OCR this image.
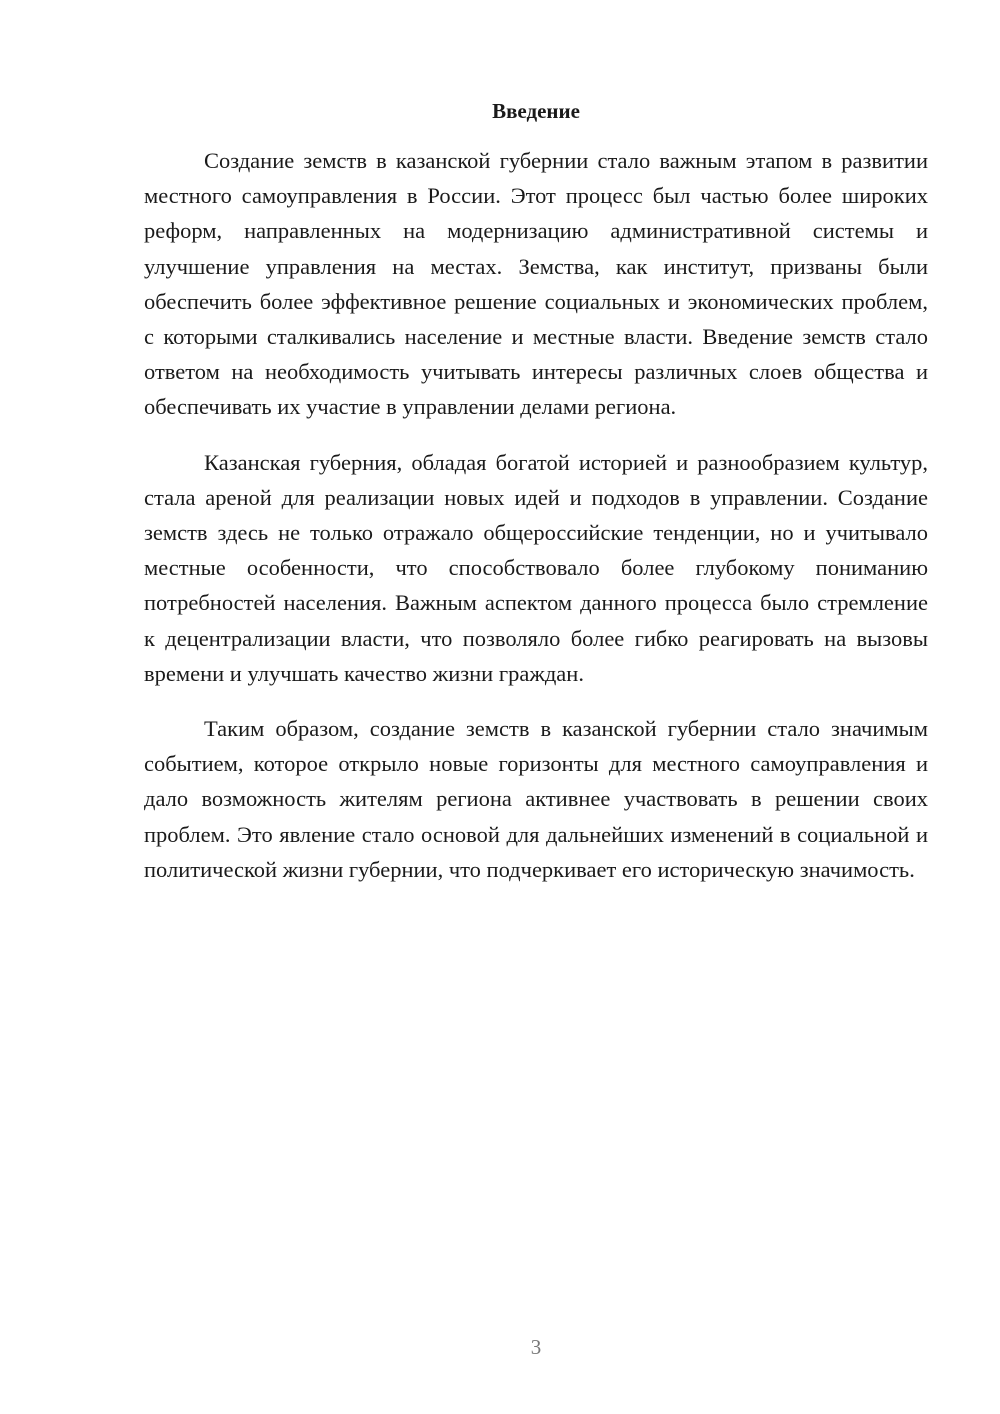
Введение

Создание земств в казанской губернии стало важным этапом в развитии местного самоуправления в России. Этот процесс был частью более широких реформ, направленных на модернизацию административной системы и улучшение управления на местах. Земства, как институт, призваны были обеспечить более эффективное решение социальных и экономических проблем, с которыми сталкивались население и местные власти. Введение земств стало ответом на необходимость учитывать интересы различных слоев общества и обеспечивать их участие в управлении делами региона.

Казанская губерния, обладая богатой историей и разнообразием культур, стала ареной для реализации новых идей и подходов в управлении. Создание земств здесь не только отражало общероссийские тенденции, но и учитывало местные особенности, что способствовало более глубокому пониманию потребностей населения. Важным аспектом данного процесса было стремление к децентрализации власти, что позволяло более гибко реагировать на вызовы времени и улучшать качество жизни граждан.

Таким образом, создание земств в казанской губернии стало значимым событием, которое открыло новые горизонты для местного самоуправления и дало возможность жителям региона активнее участвовать в решении своих проблем. Это явление стало основой для дальнейших изменений в социальной и политической жизни губернии, что подчеркивает его историческую значимость.

3
